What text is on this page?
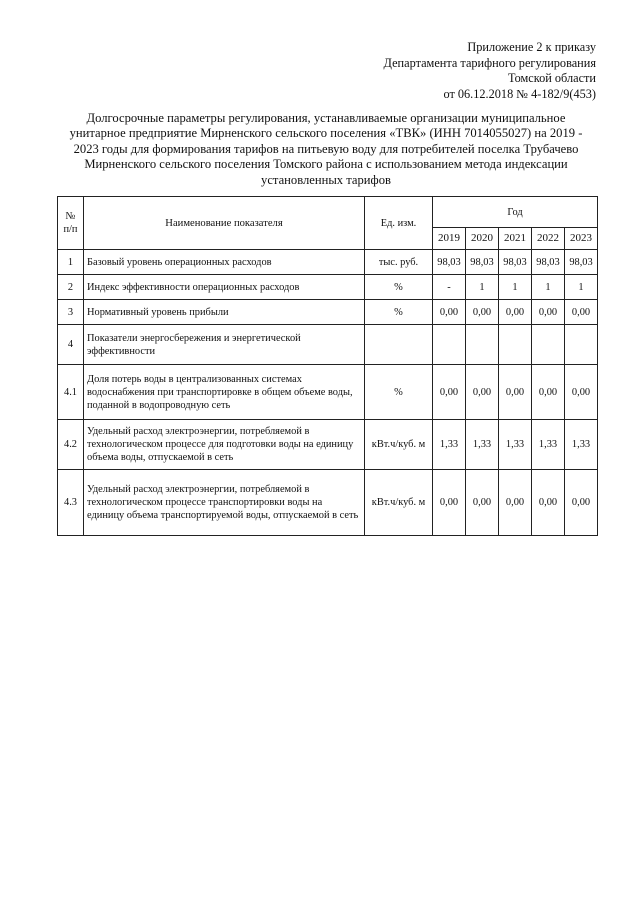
Приложение 2 к приказу
Департамента тарифного регулирования
Томской области
от 06.12.2018 № 4-182/9(453)
Долгосрочные параметры регулирования, устанавливаемые организации муниципальное унитарное предприятие Мирненского сельского поселения «ТВК» (ИНН 7014055027) на 2019 - 2023 годы для формирования тарифов на питьевую воду для потребителей поселка Трубачево Мирненского сельского поселения Томского района с использованием метода индексации установленных тарифов
№ п/п	Наименование показателя	Ед. изм.	Год				
			2019	2020	2021	2022	2023
1	Базовый уровень операционных расходов	тыс. руб.	98,03	98,03	98,03	98,03	98,03
2	Индекс эффективности операционных расходов	%	-	1	1	1	1
3	Нормативный уровень прибыли	%	0,00	0,00	0,00	0,00	0,00
4	Показатели энергосбережения и энергетической эффективности						
4.1	Доля потерь воды в централизованных системах водоснабжения при транспортировке в общем объеме воды, поданной в водопроводную сеть	%	0,00	0,00	0,00	0,00	0,00
4.2	Удельный расход электроэнергии, потребляемой в технологическом процессе для подготовки воды на единицу объема воды, отпускаемой в сеть	кВт.ч/куб. м	1,33	1,33	1,33	1,33	1,33
4.3	Удельный расход электроэнергии, потребляемой в технологическом процессе транспортировки воды на единицу объема транспортируемой воды, отпускаемой в сеть	кВт.ч/куб. м	0,00	0,00	0,00	0,00	0,00
